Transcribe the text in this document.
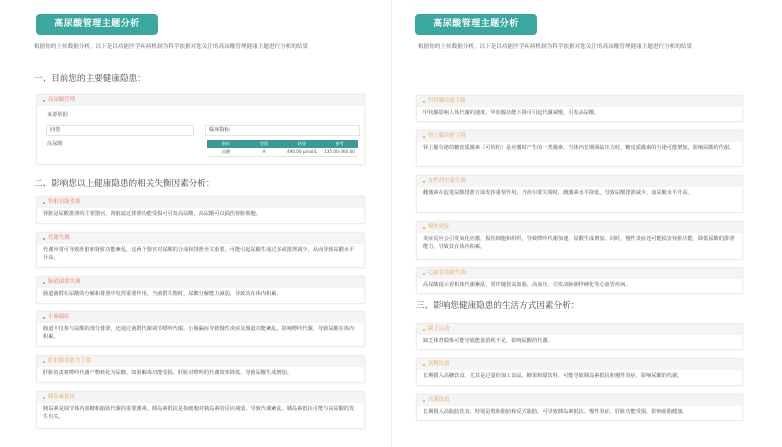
高尿酸管理主题分析
根据你的上传数据分析，以下是以功能医学疾病机制为科学依据对您关注的高尿酸管理健康主题进行分析的结果
一、目前您的主要健康隐患：
高尿酸管理
来源依据
问卷
高尿酸
临床指标
指标	等级	结果	参考
尿酸	H	490.00 μmol/L	135.00-360.00
二、影响您以上健康隐患的相关失衡因素分析：
肾脏功能受损
肾脏是尿酸排泄的主要器官，肾脏滤过排泄功能受损可引发高尿酸，高尿酸可以损伤肾脏细胞。
代谢失调
代谢异常可导致肝脏和肾脏功能紊乱，这两个器官对尿酸的合成和排泄至关重要。可能引起尿酸生成过多或排泄减少，从而导致尿酸水平升高。
肠道菌群失调
肠道菌群在尿酸的分解和排泄中发挥重要作用。当菌群失衡时，尿酸分解能力减弱，导致其在体内积累。
小肠漏症
肠道不仅参与尿酸的部分排泄，还通过菌群代谢调节嘌呤代谢。小肠漏症导致慢性炎症及肠道功能紊乱，影响嘌呤代谢，导致尿酸在体内积累。
肝脏解毒能力下降
肝脏负责将嘌呤代谢产物转化为尿酸。如果解毒功能受损，肝脏对嘌呤的代谢效率降低，导致尿酸生成增加。
胰岛素抵抗
胰岛素是调节体内血糖和脂肪代谢的重要激素。胰岛素抵抗是指细胞对胰岛素的反应减弱，导致代谢紊乱。胰岛素抵抗可能与高尿酸的发生有关。
高尿酸管理主题分析
根据你的上传数据分析，以下是以功能医学疾病机制为科学依据对您关注的高尿酸管理健康主题进行分析的结果
甲状腺功能下降
甲状腺影响人体代谢的速度，甲状腺功能下降可引起代谢减慢，引发高尿酸。
肾上腺功能下降
肾上腺分泌的糖皮质激素（可的松）是应激时产生的一类激素，当体内长期面临压力时，糖皮质激素的分泌可能增加，影响尿酸的代谢。
女性荷尔蒙失调
雌激素在促进尿酸排泄方面发挥重要作用。当荷尔蒙失调时，雌激素水平降低，导致尿酸排泄减少，血尿酸水平升高。
慢性炎症
炎症反应会引发氧化应激，损伤细胞和组织，导致嘌呤代谢加速，尿酸生成增加。同时，慢性炎症还可能损害肾脏功能，降低尿酸的排泄能力，导致其在体内积累。
心血管功能失调
高尿酸提示着机体代谢紊乱，常伴随着高血脂、高血压，引发动脉粥样硬化等心血管疾病。
三、影响您健康隐患的生活方式因素分析：
缺乏运动
缺乏体育锻炼可能导致能量消耗不足，影响尿酸的代谢。
高糖饮食
长期摄入高糖饮食，尤其是过量的加工食品、糖果和甜饮料，可能导致胰岛素抵抗和慢性炎症，影响尿酸的代谢。
高脂饮食
长期摄入高脂肪饮食，特别是饱和脂肪和反式脂肪，可导致胰岛素抵抗、慢性炎症、肝脏功能受损，影响血脂健康。
